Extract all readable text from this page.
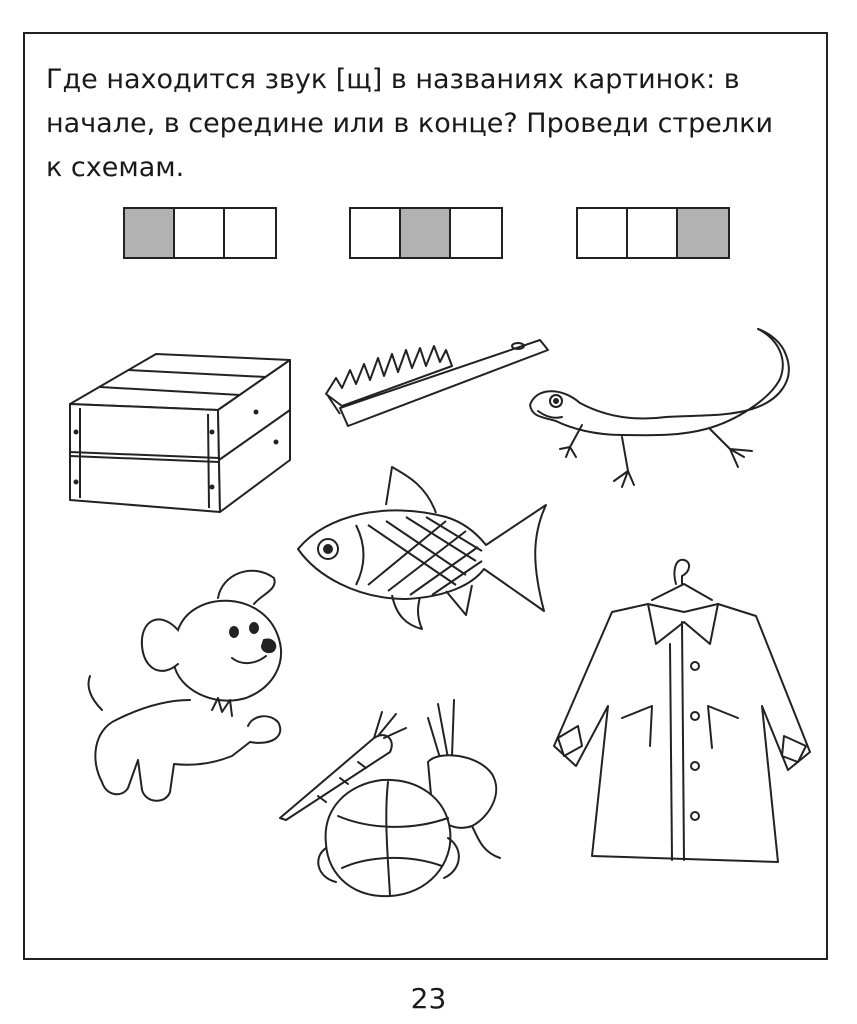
Где находится звук [щ] в названиях картинок: в
начале, в середине или в конце? Проведи стрелки
к схемам.
23
